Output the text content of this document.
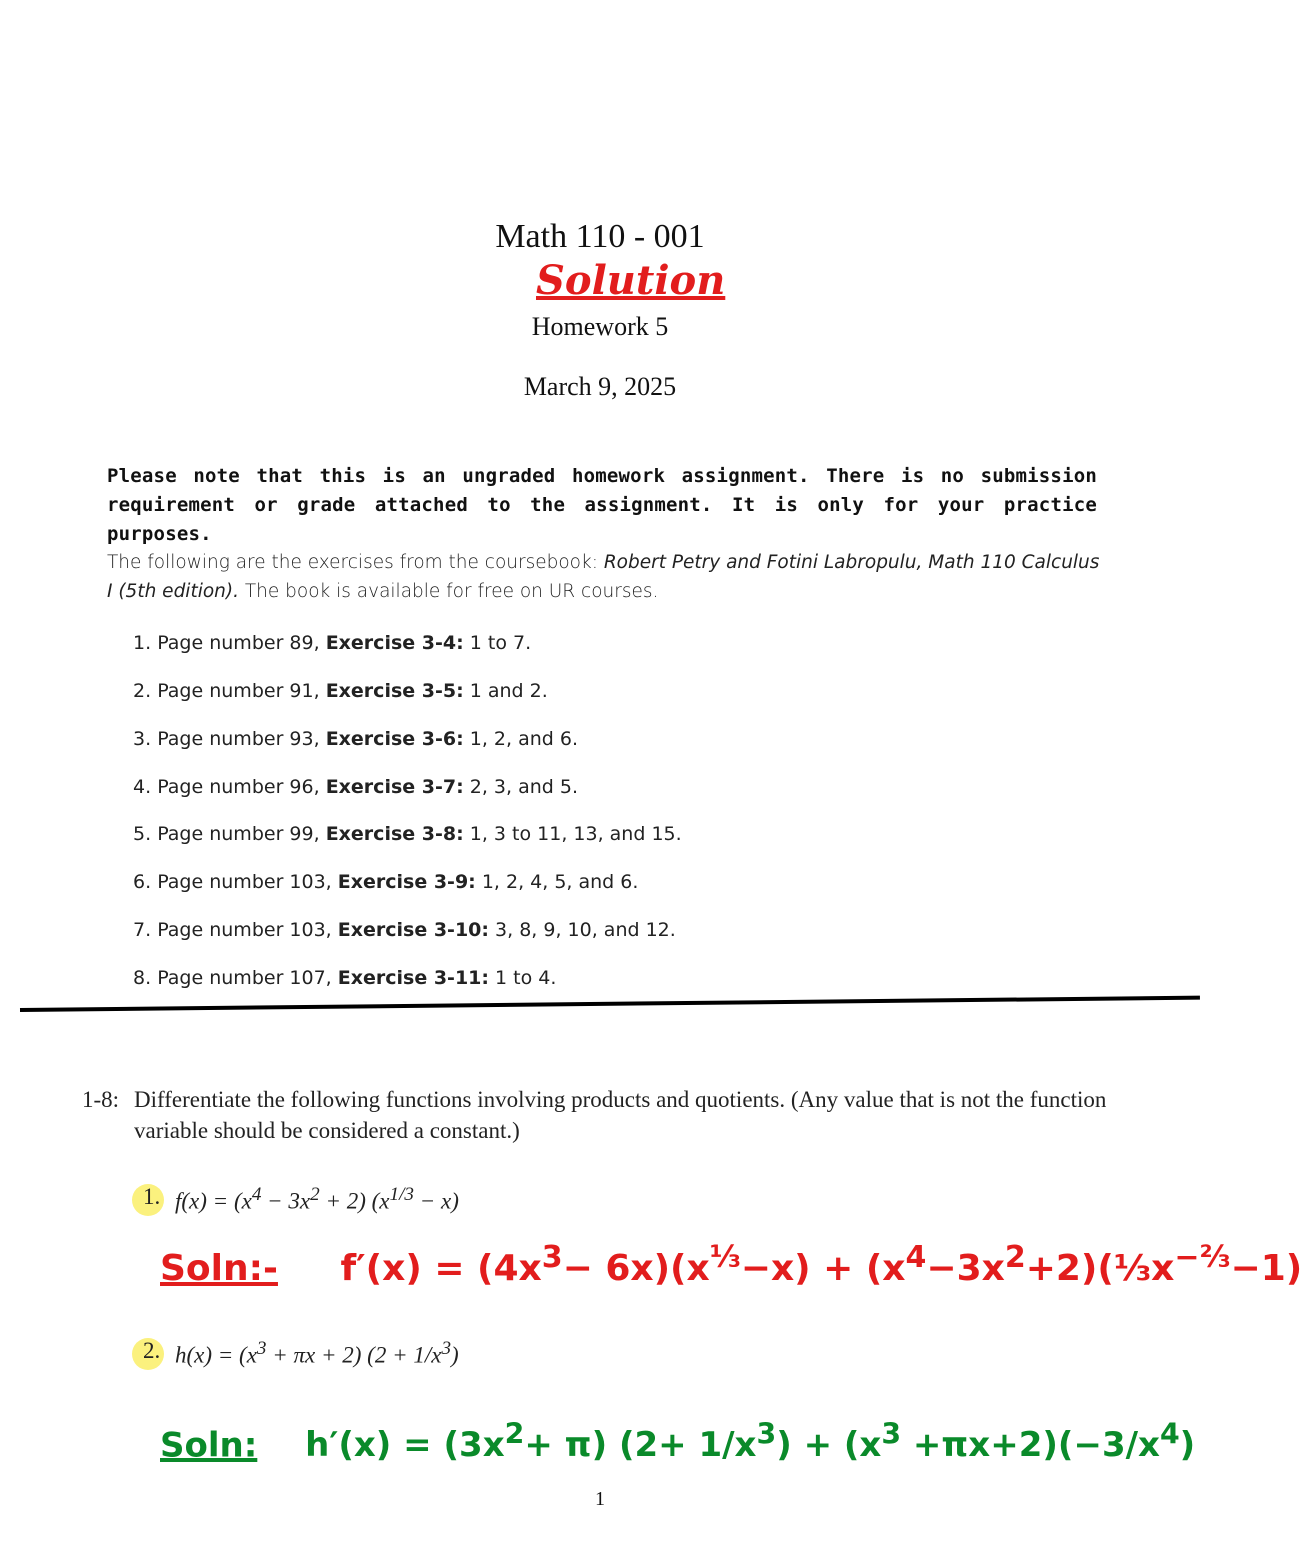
Math 110 - 001
Solution
Homework 5
March 9, 2025
Please note that this is an ungraded homework assignment. There is no submission requirement or grade attached to the assignment. It is only for your practice purposes.
The following are the exercises from the coursebook: Robert Petry and Fotini Labropulu, Math 110 Calculus I (5th edition). The book is available for free on UR courses.
1. Page number 89, Exercise 3-4: 1 to 7.
2. Page number 91, Exercise 3-5: 1 and 2.
3. Page number 93, Exercise 3-6: 1, 2, and 6.
4. Page number 96, Exercise 3-7: 2, 3, and 5.
5. Page number 99, Exercise 3-8: 1, 3 to 11, 13, and 15.
6. Page number 103, Exercise 3-9: 1, 2, 4, 5, and 6.
7. Page number 103, Exercise 3-10: 3, 8, 9, 10, and 12.
8. Page number 107, Exercise 3-11: 1 to 4.
1-8: Differentiate the following functions involving products and quotients. (Any value that is not the function variable should be considered a constant.)
1. $f(x) = (x^4 - 3x^2 + 2) (x^{1/3} - x)$
Soln:- $f'(x) = (4x^3- 6x)(x^{\frac{1}{3}}-x)$ + $(x^4-3x^2+2)(\frac{1}{3}x^{-\frac{2}{3}}-1)$
2. $h(x) = (x^3 + \pi x + 2) (2 + 1/x^3)$
Soln: $h'(x) = (3x^2+ \pi)$ $(2+ 1/x^3) + (x^3 +\pi x+2)(-3/x^4)$
1
